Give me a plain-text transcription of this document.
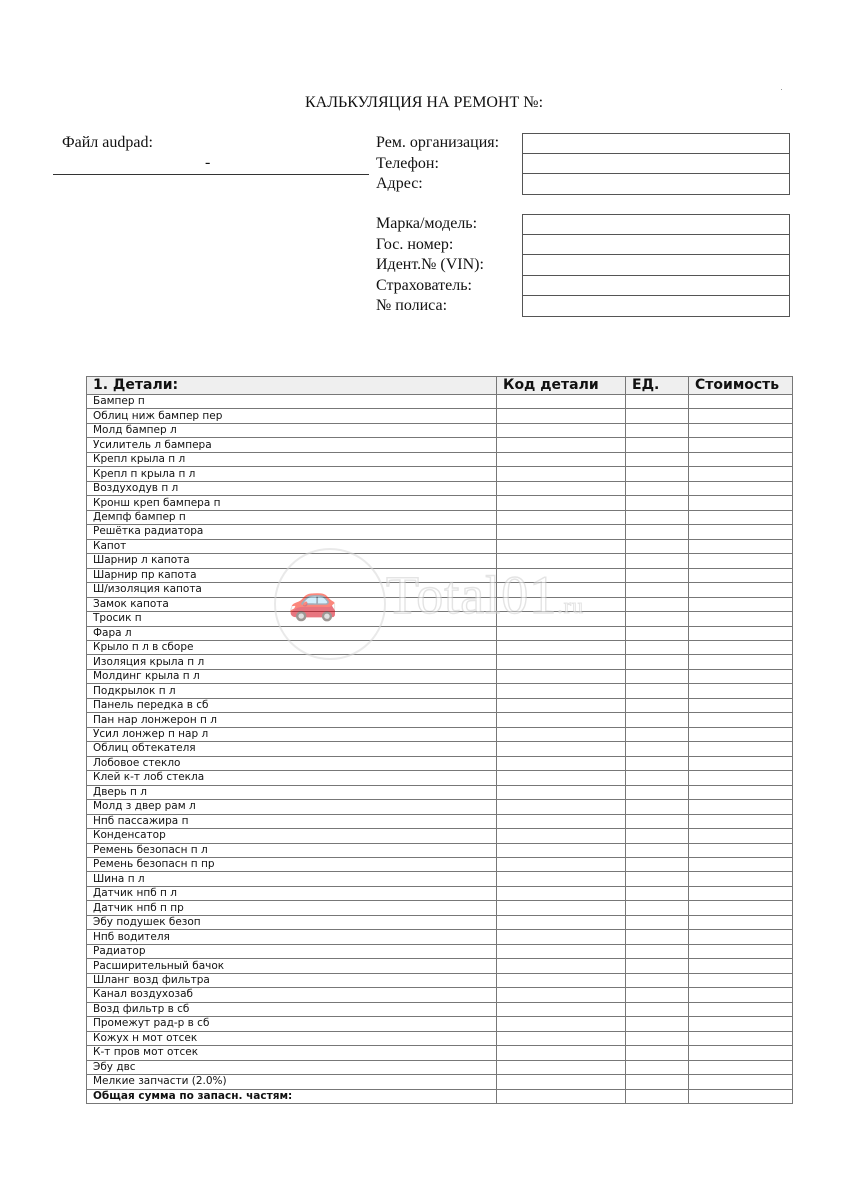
КАЛЬКУЛЯЦИЯ НА РЕМОНТ №:
Файл audpad:
-
Рем. организация:
Телефон:
Адрес:
Марка/модель:
Гос. номер:
Идент.№ (VIN):
Страхователь:
№ полиса:
1. Детали:	Код детали	ЕД.	Стоимость
Бампер п			
Облиц ниж бампер пер			
Молд бампер л			
Усилитель л бампера			
Крепл крыла п л			
Крепл п крыла п л			
Воздуходув п л			
Кронш креп бампера п			
Демпф бампер п			
Решётка радиатора			
Капот			
Шарнир л капота			
Шарнир пр капота			
Ш/изоляция капота			
Замок капота			
Тросик п			
Фара л			
Крыло п л в сборе			
Изоляция крыла п л			
Молдинг крыла п л			
Подкрылок п л			
Панель передка в сб			
Пан нар лонжерон п л			
Усил лонжер п нар л			
Облиц обтекателя			
Лобовое стекло			
Клей к-т лоб стекла			
Дверь п л			
Молд з двер рам л			
Нпб пассажира п			
Конденсатор			
Ремень безопасн п л			
Ремень безопасн п пр			
Шина п л			
Датчик нпб п л			
Датчик нпб п пр			
Эбу подушек безоп			
Нпб водителя			
Радиатор			
Расширительный бачок			
Шланг возд фильтра			
Канал воздухозаб			
Возд фильтр в сб			
Промежут рад-р в сб			
Кожух н мот отсек			
К-т пров мот отсек			
Эбу двс			
Мелкие запчасти (2.0%)			
Общая сумма по запасн. частям:			
🚗 Total01.ru
